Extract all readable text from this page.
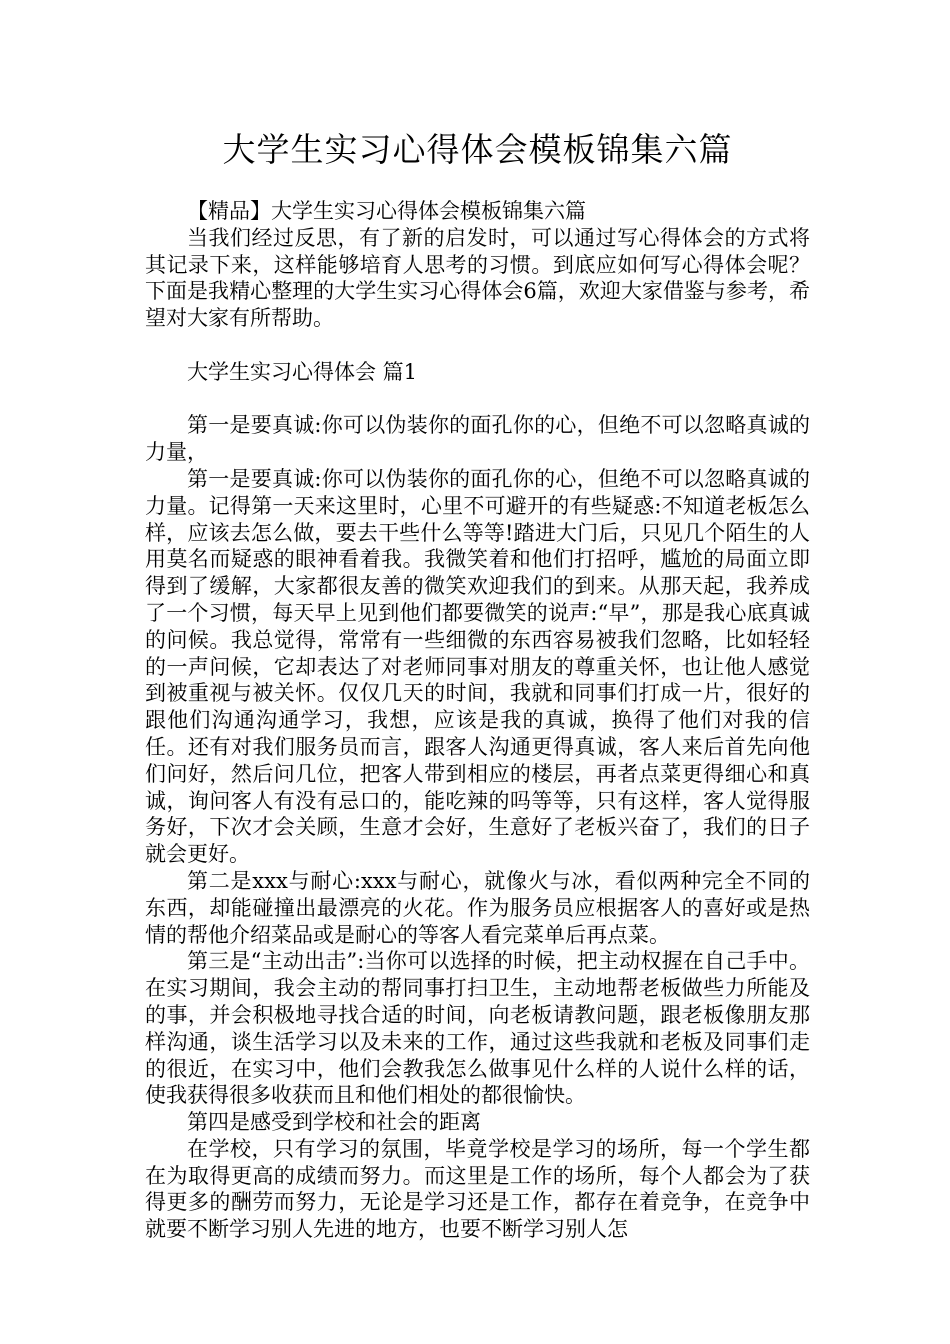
大学生实习心得体会模板锦集六篇

【精品】大学生实习心得体会模板锦集六篇

当我们经过反思，有了新的启发时，可以通过写心得体会的方式将其记录下来，这样能够培育人思考的习惯。到底应如何写心得体会呢？下面是我精心整理的大学生实习心得体会6篇，欢迎大家借鉴与参考，希望对大家有所帮助。

大学生实习心得体会 篇1

第一是要真诚:你可以伪装你的面孔你的心，但绝不可以忽略真诚的力量，

第一是要真诚:你可以伪装你的面孔你的心，但绝不可以忽略真诚的力量。记得第一天来这里时，心里不可避开的有些疑惑:不知道老板怎么样，应该去怎么做，要去干些什么等等!踏进大门后，只见几个陌生的人用莫名而疑惑的眼神看着我。我微笑着和他们打招呼，尴尬的局面立即得到了缓解，大家都很友善的微笑欢迎我们的到来。从那天起，我养成了一个习惯，每天早上见到他们都要微笑的说声:“早”，那是我心底真诚的问候。我总觉得，常常有一些细微的东西容易被我们忽略，比如轻轻的一声问候，它却表达了对老师同事对朋友的尊重关怀，也让他人感觉到被重视与被关怀。仅仅几天的时间，我就和同事们打成一片，很好的跟他们沟通沟通学习，我想，应该是我的真诚，换得了他们对我的信任。还有对我们服务员而言，跟客人沟通更得真诚，客人来后首先向他们问好，然后问几位，把客人带到相应的楼层，再者点菜更得细心和真诚，询问客人有没有忌口的，能吃辣的吗等等，只有这样，客人觉得服务好，下次才会关顾，生意才会好，生意好了老板兴奋了，我们的日子就会更好。

第二是xxx与耐心:xxx与耐心，就像火与冰，看似两种完全不同的东西，却能碰撞出最漂亮的火花。作为服务员应根据客人的喜好或是热情的帮他介绍菜品或是耐心的等客人看完菜单后再点菜。

第三是“主动出击”:当你可以选择的时候，把主动权握在自己手中。在实习期间，我会主动的帮同事打扫卫生，主动地帮老板做些力所能及的事，并会积极地寻找合适的时间，向老板请教问题，跟老板像朋友那样沟通，谈生活学习以及未来的工作，通过这些我就和老板及同事们走的很近，在实习中，他们会教我怎么做事见什么样的人说什么样的话，使我获得很多收获而且和他们相处的都很愉快。

第四是感受到学校和社会的距离

在学校，只有学习的氛围，毕竟学校是学习的场所，每一个学生都在为取得更高的成绩而努力。而这里是工作的场所，每个人都会为了获得更多的酬劳而努力，无论是学习还是工作，都存在着竞争，在竞争中就要不断学习别人先进的地方，也要不断学习别人怎
